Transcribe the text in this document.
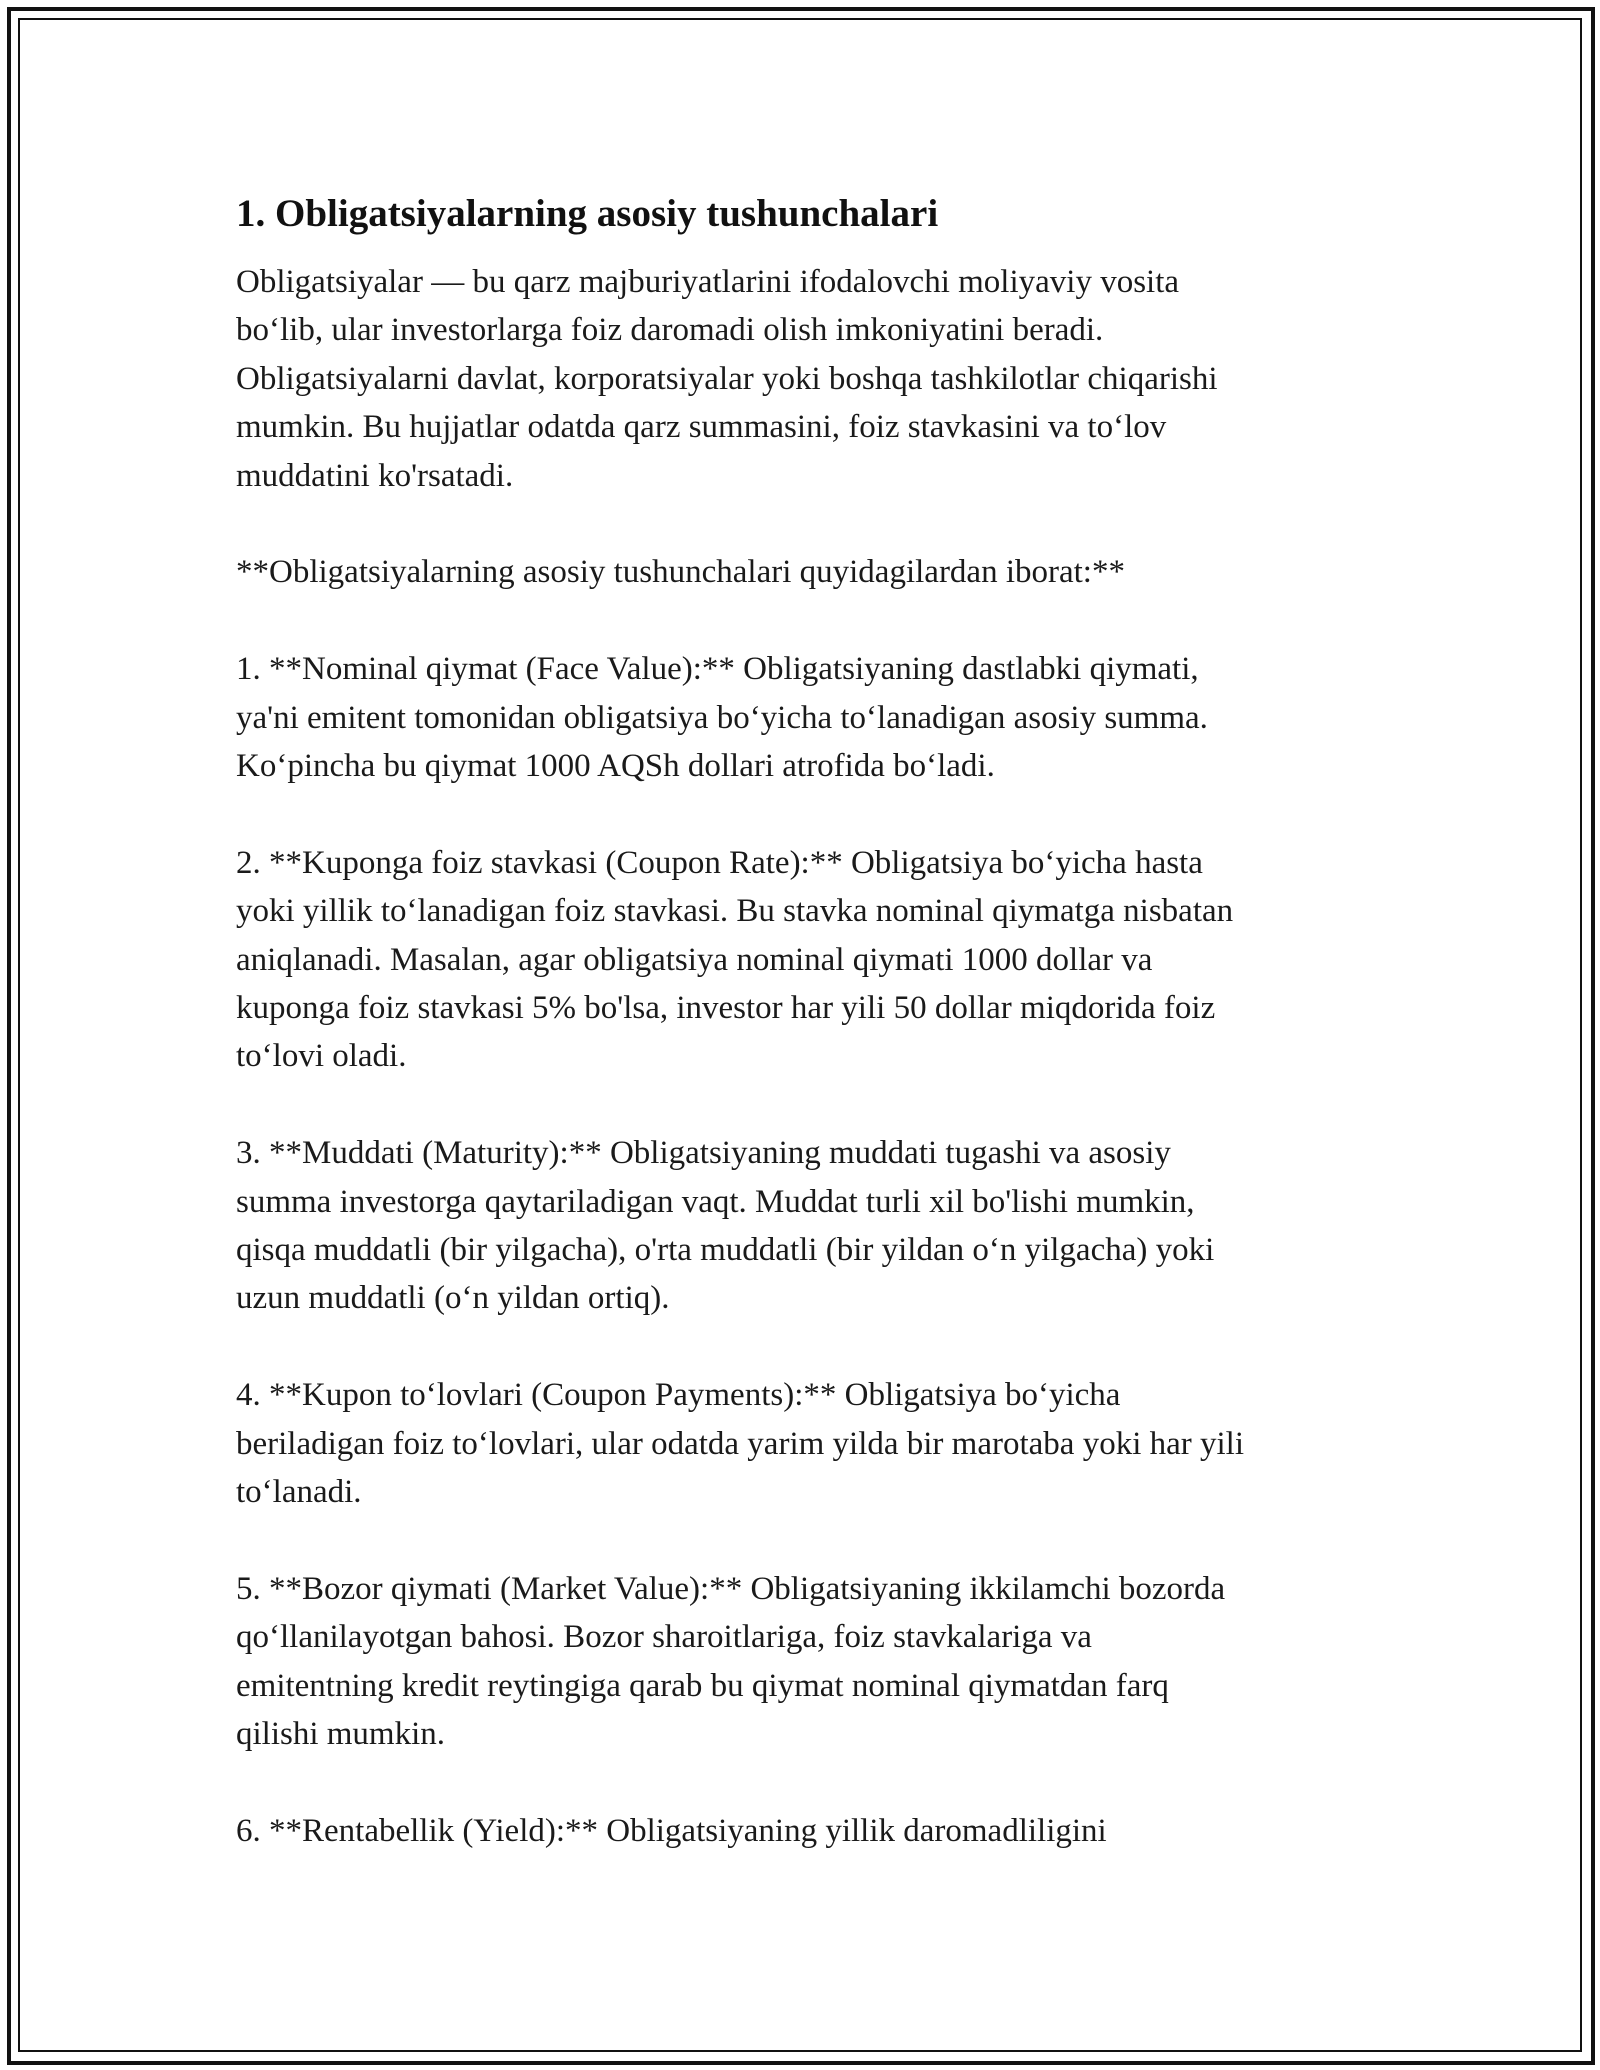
1. Obligatsiyalarning asosiy tushunchalari
Obligatsiyalar — bu qarz majburiyatlarini ifodalovchi moliyaviy vosita
bo‘lib, ular investorlarga foiz daromadi olish imkoniyatini beradi.
Obligatsiyalarni davlat, korporatsiyalar yoki boshqa tashkilotlar chiqarishi
mumkin. Bu hujjatlar odatda qarz summasini, foiz stavkasini va to‘lov
muddatini ko'rsatadi.
**Obligatsiyalarning asosiy tushunchalari quyidagilardan iborat:**
1. **Nominal qiymat (Face Value):** Obligatsiyaning dastlabki qiymati,
ya'ni emitent tomonidan obligatsiya bo‘yicha to‘lanadigan asosiy summa.
Ko‘pincha bu qiymat 1000 AQSh dollari atrofida bo‘ladi.
2. **Kuponga foiz stavkasi (Coupon Rate):** Obligatsiya bo‘yicha hasta
yoki yillik to‘lanadigan foiz stavkasi. Bu stavka nominal qiymatga nisbatan
aniqlanadi. Masalan, agar obligatsiya nominal qiymati 1000 dollar va
kuponga foiz stavkasi 5% bo'lsa, investor har yili 50 dollar miqdorida foiz
to‘lovi oladi.
3. **Muddati (Maturity):** Obligatsiyaning muddati tugashi va asosiy
summa investorga qaytariladigan vaqt. Muddat turli xil bo'lishi mumkin,
qisqa muddatli (bir yilgacha), o'rta muddatli (bir yildan o‘n yilgacha) yoki
uzun muddatli (o‘n yildan ortiq).
4. **Kupon to‘lovlari (Coupon Payments):** Obligatsiya bo‘yicha
beriladigan foiz to‘lovlari, ular odatda yarim yilda bir marotaba yoki har yili
to‘lanadi.
5. **Bozor qiymati (Market Value):** Obligatsiyaning ikkilamchi bozorda
qo‘llanilayotgan bahosi. Bozor sharoitlariga, foiz stavkalariga va
emitentning kredit reytingiga qarab bu qiymat nominal qiymatdan farq
qilishi mumkin.
6. **Rentabellik (Yield):** Obligatsiyaning yillik daromadliligini
